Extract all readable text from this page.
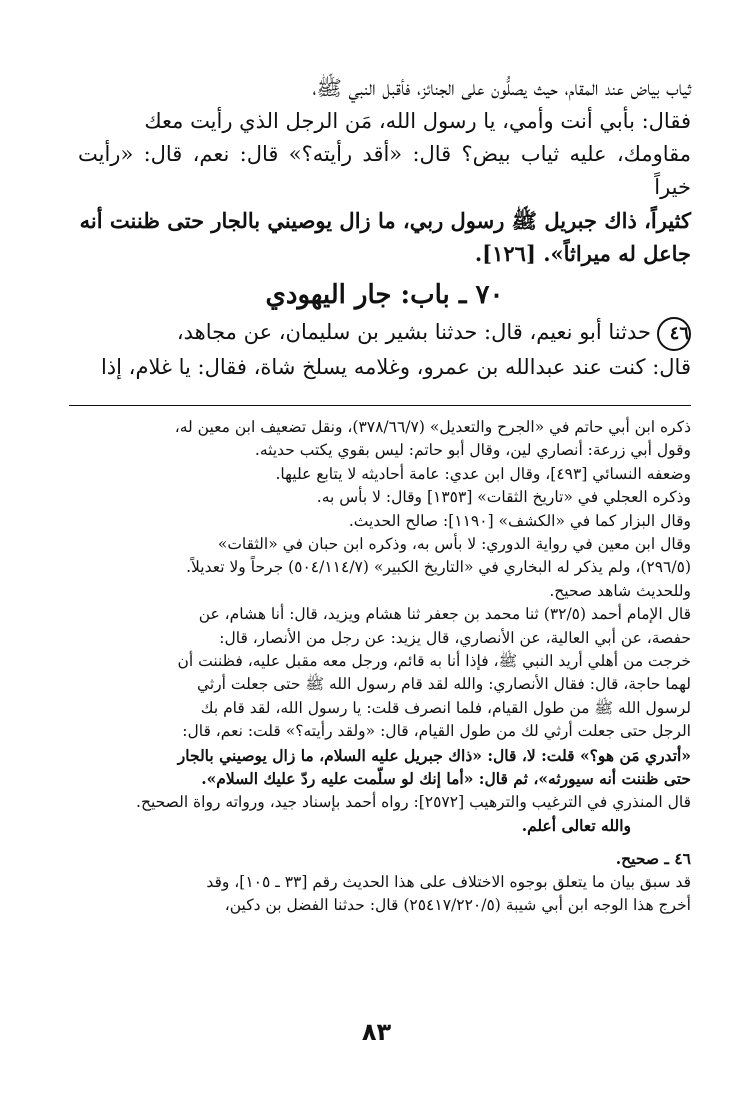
ثياب بياض عند المقام، حيث يصلُّون على الجنائز، فأقبل النبي ﷺ،

فقال: بأبي أنت وأمي، يا رسول الله، مَن الرجل الذي رأيت معك

مقاومك، عليه ثياب بيض؟ قال: «أقد رأيته؟» قال: نعم، قال: «رأيت خيراً

كثيراً، ذاك جبريل ﷺ رسول ربي، ما زال يوصيني بالجار حتى ظننت أنه

جاعل له ميراثاً». [١٢٦].

٧٠ ـ باب: جار اليهودي

٤٦حدثنا أبو نعيم، قال: حدثنا بشير بن سليمان، عن مجاهد،

قال: كنت عند عبدالله بن عمرو، وغلامه يسلخ شاة، فقال: يا غلام، إذا

ذكره ابن أبي حاتم في «الجرح والتعديل» (٣٧٨/٦٦/٧)، ونقل تضعيف ابن معين له،

وقول أبي زرعة: أنصاري لين، وقال أبو حاتم: ليس بقوي يكتب حديثه.

وضعفه النسائي [٤٩٣]، وقال ابن عدي: عامة أحاديثه لا يتابع عليها.

وذكره العجلي في «تاريخ الثقات» [١٣٥٣] وقال: لا بأس به.

وقال البزار كما في «الكشف» [١١٩٠]: صالح الحديث.

وقال ابن معين في رواية الدوري: لا بأس به، وذكره ابن حبان في «الثقات»

(٢٩٦/٥)، ولم يذكر له البخاري في «التاريخ الكبير» (٥٠٤/١١٤/٧) جرحاً ولا تعديلاً.

وللحديث شاهد صحيح.

قال الإمام أحمد (٣٢/٥) ثنا محمد بن جعفر ثنا هشام ويزيد، قال: أنا هشام، عن

حفصة، عن أبي العالية، عن الأنصاري، قال يزيد: عن رجل من الأنصار، قال:

خرجت من أهلي أريد النبي ﷺ، فإذا أنا به قائم، ورجل معه مقبل عليه، فظننت أن

لهما حاجة، قال: فقال الأنصاري: والله لقد قام رسول الله ﷺ حتى جعلت أرثي

لرسول الله ﷺ من طول القيام، فلما انصرف قلت: يا رسول الله، لقد قام بك

الرجل حتى جعلت أرثي لك من طول القيام، قال: «ولقد رأيته؟» قلت: نعم، قال:

«أتدري مَن هو؟» قلت: لا، قال: «ذاك جبريل عليه السلام، ما زال يوصيني بالجار

حتى ظننت أنه سيورثه»، ثم قال: «أما إنك لو سلّمت عليه ردّ عليك السلام».

قال المنذري في الترغيب والترهيب [٢٥٧٢]: رواه أحمد بإسناد جيد، ورواته رواة الصحيح.

والله تعالى أعلم.

٤٦ ـ صحيح.

قد سبق بيان ما يتعلق بوجوه الاختلاف على هذا الحديث رقم [٣٣ ـ ١٠٥]، وقد

أخرج هذا الوجه ابن أبي شيبة (٢٥٤١٧/٢٢٠/٥) قال: حدثنا الفضل بن دكين،

٨٣
